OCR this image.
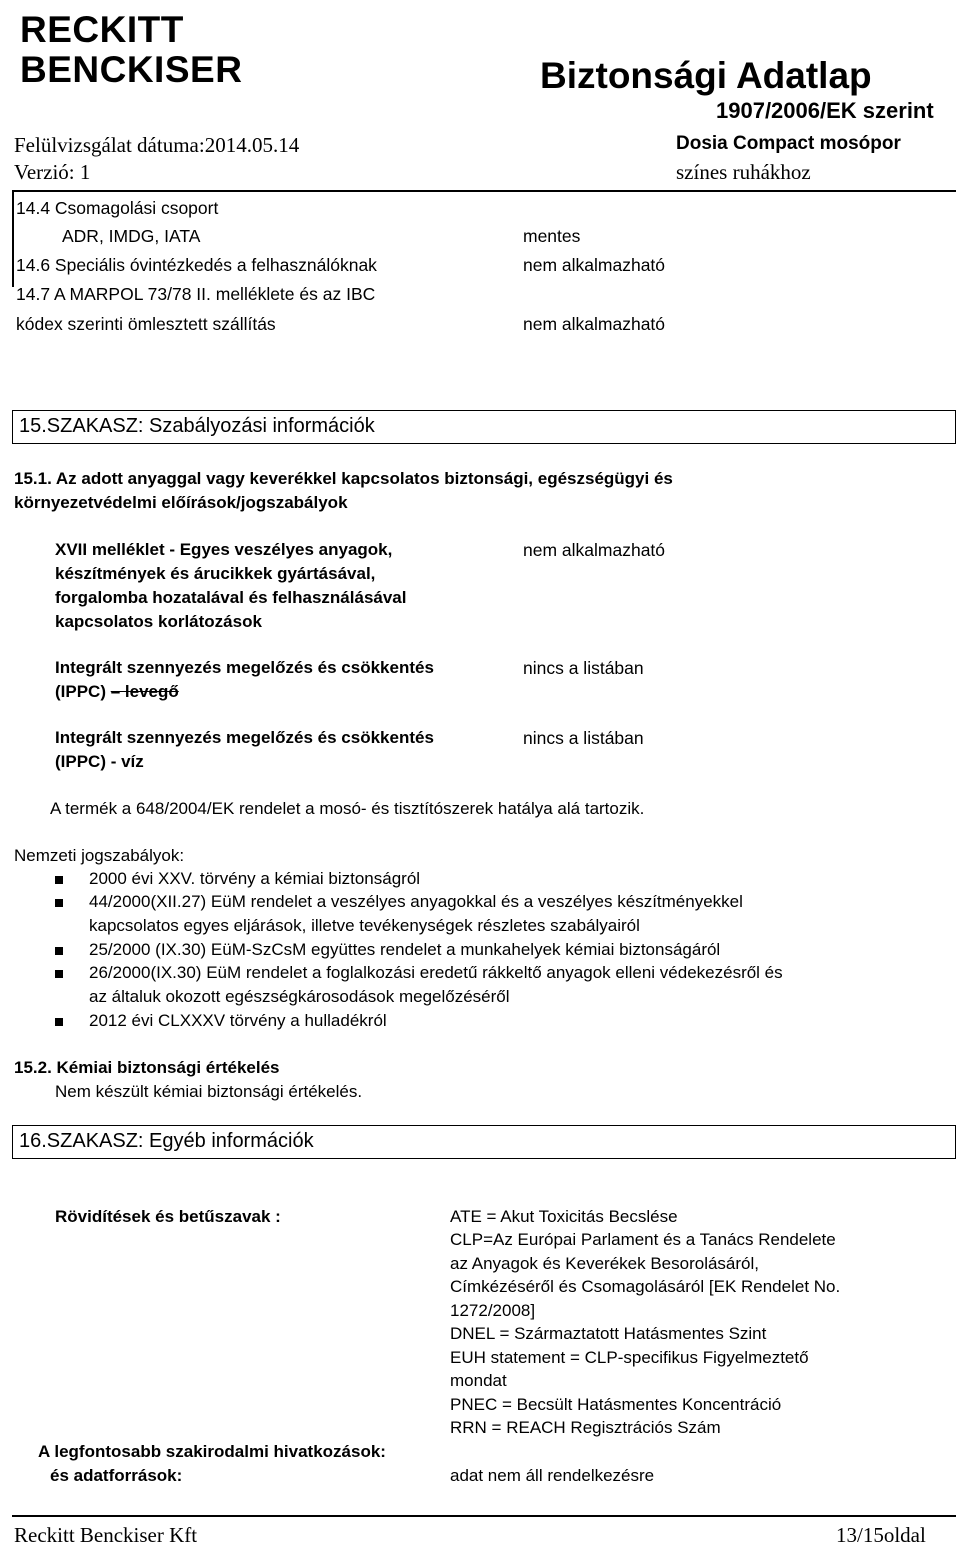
RECKITT
BENCKISER	Biztonsági Adatlap
1907/2006/EK szerint
Felülvizsgálat dátuma:2014.05.14
Verzió: 1
Dosia Compact mosópor
színes ruhákhoz
14.4 Csomagolási csoport
ADR, IMDG, IATA	mentes
14.6 Speciális óvintézkedés a felhasználóknak	nem alkalmazható
14.7 A MARPOL 73/78 II. melléklete és az IBC
kódex szerinti ömlesztett szállítás	nem alkalmazható
15.SZAKASZ: Szabályozási információk
15.1. Az adott anyaggal vagy keverékkel kapcsolatos biztonsági, egészségügyi és
környezetvédelmi előírások/jogszabályok
XVII melléklet - Egyes veszélyes anyagok,
készítmények és árucikkek gyártásával,
forgalomba hozatalával és felhasználásával
kapcsolatos korlátozások
nem alkalmazható
Integrált szennyezés megelőzés és csökkentés
(IPPC) – levegő
nincs a listában
Integrált szennyezés megelőzés és csökkentés
(IPPC) - víz
nincs a listában
A termék a 648/2004/EK rendelet a mosó- és tisztítószerek hatálya alá tartozik.
Nemzeti jogszabályok:
2000 évi XXV. törvény a kémiai biztonságról
44/2000(XII.27) EüM rendelet a veszélyes anyagokkal és a veszélyes készítményekkel
kapcsolatos egyes eljárások, illetve tevékenységek részletes szabályairól
25/2000 (IX.30) EüM-SzCsM együttes rendelet a munkahelyek kémiai biztonságáról
26/2000(IX.30) EüM rendelet a foglalkozási eredetű rákkeltő anyagok elleni védekezésről és
az általuk okozott egészségkárosodások megelőzéséről
2012 évi CLXXXV törvény a hulladékról
15.2. Kémiai biztonsági értékelés
Nem készült kémiai biztonsági értékelés.
16.SZAKASZ: Egyéb információk
Rövidítések és betűszavak :	ATE = Akut Toxicitás Becslése
CLP=Az Európai Parlament és a Tanács Rendelete
az Anyagok és Keverékek Besorolásáról,
Címkézéséről és Csomagolásáról [EK Rendelet No.
1272/2008]
DNEL = Származtatott Hatásmentes Szint
EUH statement = CLP-specifikus Figyelmeztető
mondat
PNEC = Becsült Hatásmentes Koncentráció
RRN = REACH Regisztrációs Szám
A legfontosabb szakirodalmi hivatkozások:
és adatforrások:	adat nem áll rendelkezésre
Reckitt Benckiser Kft	13/15oldal
